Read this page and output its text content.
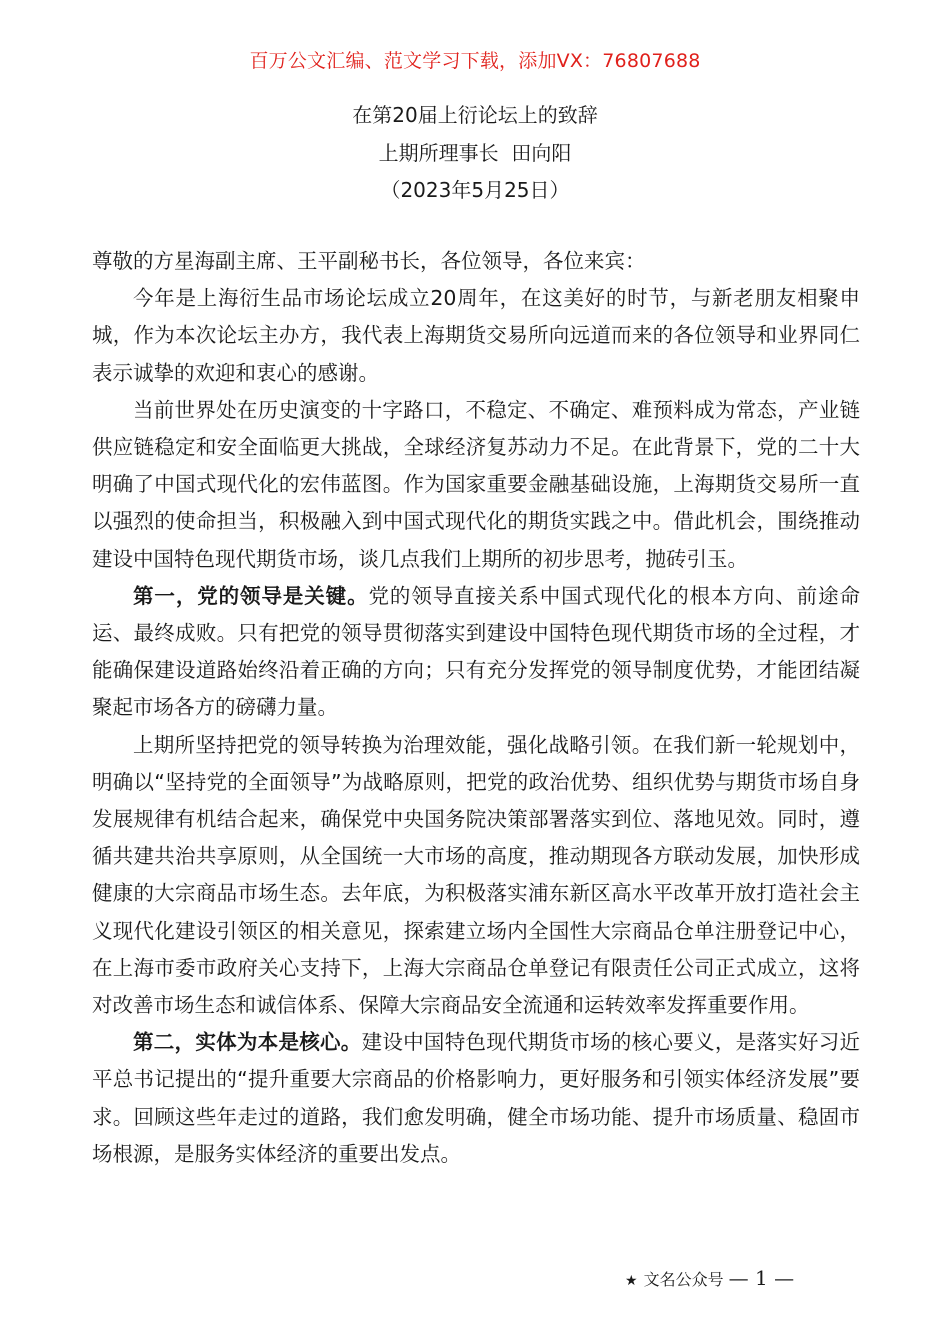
百万公文汇编、范文学习下载，添加VX：76807688
在第20届上衍论坛上的致辞
上期所理事长  田向阳
（2023年5月25日）

尊敬的方星海副主席、王平副秘书长，各位领导，各位来宾：

今年是上海衍生品市场论坛成立20周年，在这美好的时节，与新老朋友相聚申城，作为本次论坛主办方，我代表上海期货交易所向远道而来的各位领导和业界同仁表示诚挚的欢迎和衷心的感谢。

当前世界处在历史演变的十字路口，不稳定、不确定、难预料成为常态，产业链供应链稳定和安全面临更大挑战，全球经济复苏动力不足。在此背景下，党的二十大明确了中国式现代化的宏伟蓝图。作为国家重要金融基础设施，上海期货交易所一直以强烈的使命担当，积极融入到中国式现代化的期货实践之中。借此机会，围绕推动建设中国特色现代期货市场，谈几点我们上期所的初步思考，抛砖引玉。

第一，党的领导是关键。党的领导直接关系中国式现代化的根本方向、前途命运、最终成败。只有把党的领导贯彻落实到建设中国特色现代期货市场的全过程，才能确保建设道路始终沿着正确的方向；只有充分发挥党的领导制度优势，才能团结凝聚起市场各方的磅礴力量。

上期所坚持把党的领导转换为治理效能，强化战略引领。在我们新一轮规划中，明确以“坚持党的全面领导”为战略原则，把党的政治优势、组织优势与期货市场自身发展规律有机结合起来，确保党中央国务院决策部署落实到位、落地见效。同时，遵循共建共治共享原则，从全国统一大市场的高度，推动期现各方联动发展，加快形成健康的大宗商品市场生态。去年底，为积极落实浦东新区高水平改革开放打造社会主义现代化建设引领区的相关意见，探索建立场内全国性大宗商品仓单注册登记中心，在上海市委市政府关心支持下，上海大宗商品仓单登记有限责任公司正式成立，这将对改善市场生态和诚信体系、保障大宗商品安全流通和运转效率发挥重要作用。

第二，实体为本是核心。建设中国特色现代期货市场的核心要义，是落实好习近平总书记提出的“提升重要大宗商品的价格影响力，更好服务和引领实体经济发展”要求。回顾这些年走过的道路，我们愈发明确，健全市场功能、提升市场质量、稳固市场根源，是服务实体经济的重要出发点。

★ 文名公众号 — 1 —
